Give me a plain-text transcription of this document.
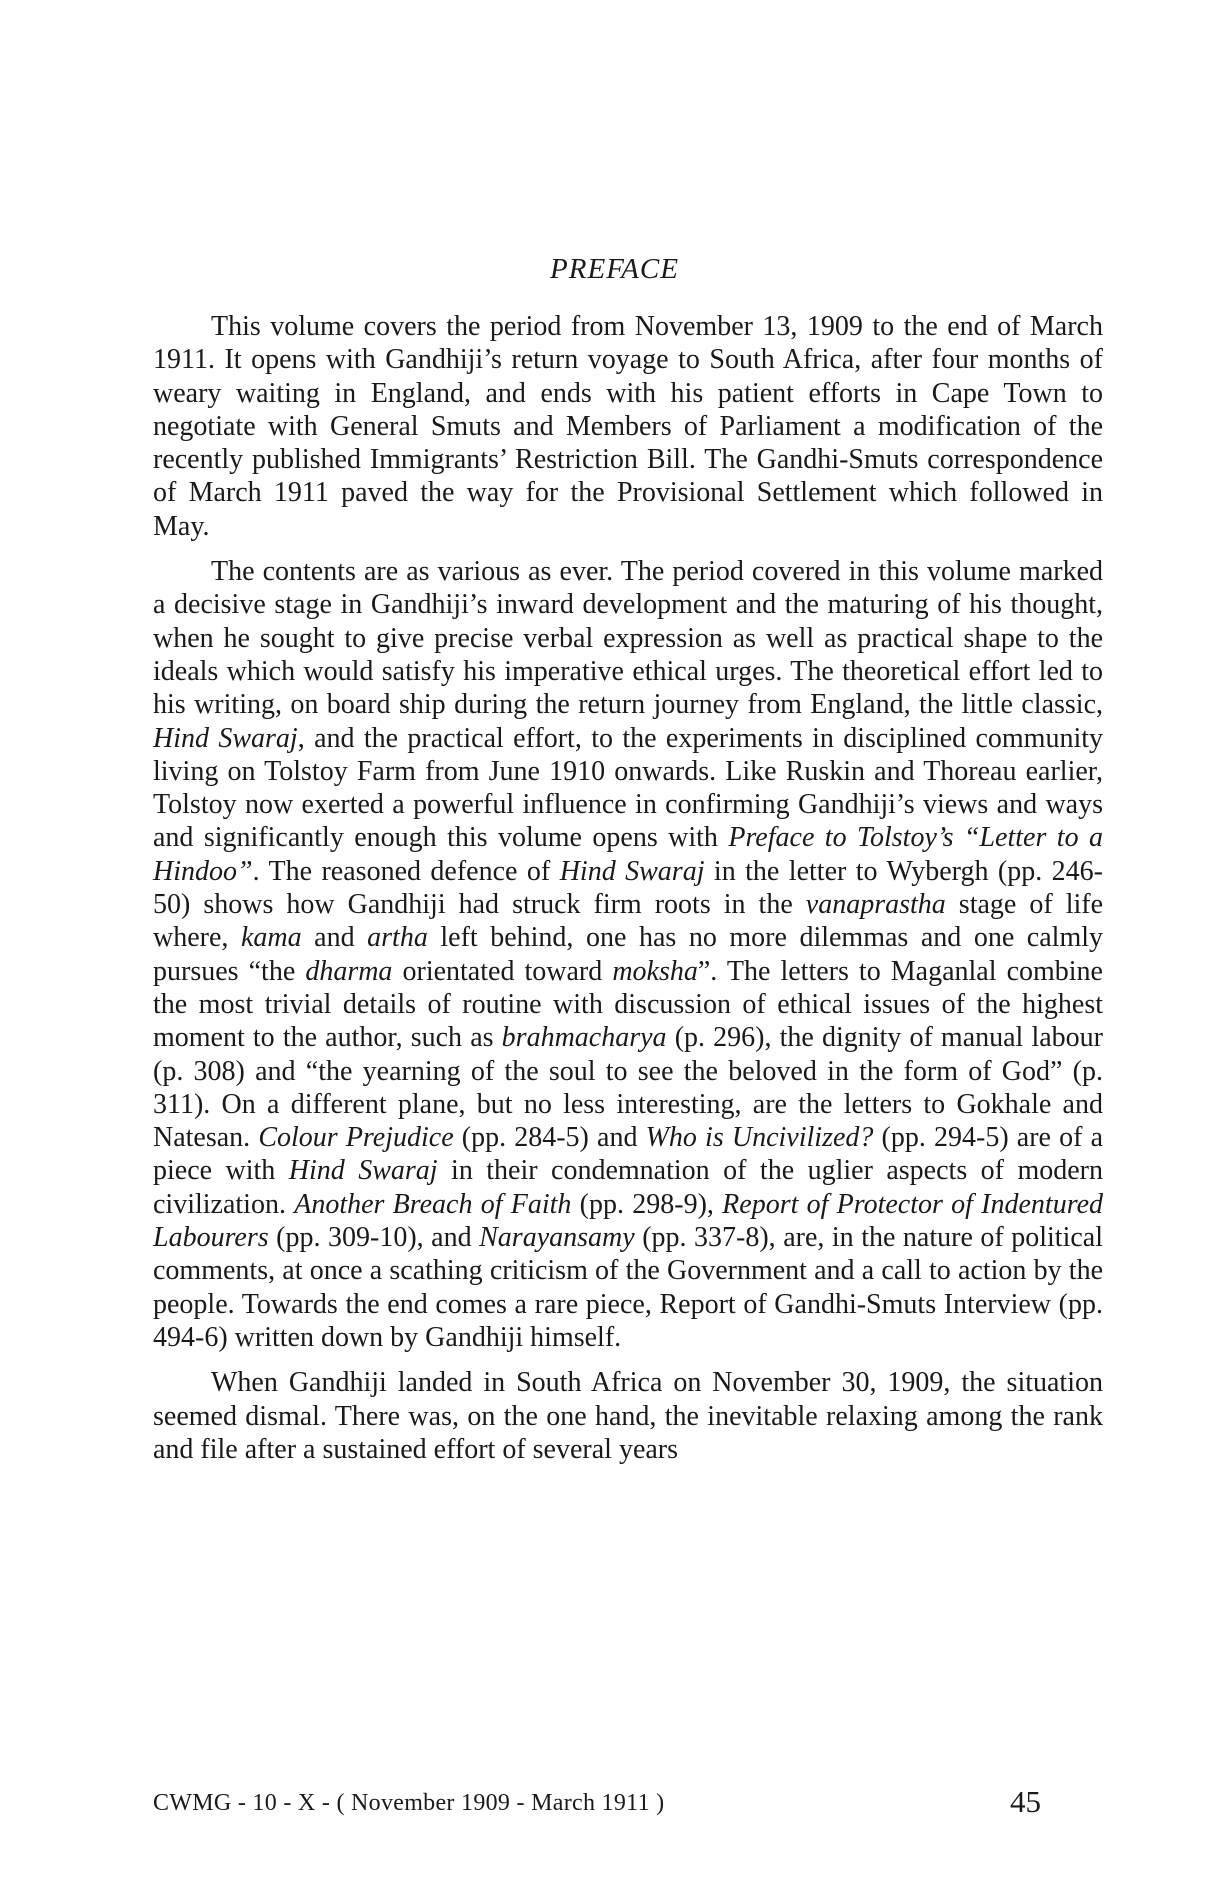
PREFACE

This volume covers the period from November 13, 1909 to the end of March 1911. It opens with Gandhiji’s return voyage to South Africa, after four months of weary waiting in England, and ends with his patient efforts in Cape Town to negotiate with General Smuts and Members of Parliament a modification of the recently published Immigrants’ Restriction Bill. The Gandhi-Smuts correspondence of March 1911 paved the way for the Provisional Settlement which followed in May.

The contents are as various as ever. The period covered in this volume marked a decisive stage in Gandhiji’s inward development and the maturing of his thought, when he sought to give precise verbal expression as well as practical shape to the ideals which would satisfy his imperative ethical urges. The theoretical effort led to his writing, on board ship during the return journey from England, the little classic, Hind Swaraj, and the practical effort, to the experiments in disciplined community living on Tolstoy Farm from June 1910 onwards. Like Ruskin and Thoreau earlier, Tolstoy now exerted a powerful influence in confirming Gandhiji’s views and ways and significantly enough this volume opens with Preface to Tolstoy’s “Letter to a Hindoo”. The reasoned defence of Hind Swaraj in the letter to Wybergh (pp. 246-50) shows how Gandhiji had struck firm roots in the vanaprastha stage of life where, kama and artha left behind, one has no more dilemmas and one calmly pursues “the dharma orientated toward moksha”. The letters to Maganlal combine the most trivial details of routine with discussion of ethical issues of the highest moment to the author, such as brahmacharya (p. 296), the dignity of manual labour (p. 308) and “the yearning of the soul to see the beloved in the form of God” (p. 311). On a different plane, but no less interesting, are the letters to Gokhale and Natesan. Colour Prejudice (pp. 284-5) and Who is Uncivilized? (pp. 294-5) are of a piece with Hind Swaraj in their condemnation of the uglier aspects of modern civilization. Another Breach of Faith (pp. 298-9), Report of Protector of Indentured Labourers (pp. 309-10), and Narayansamy (pp. 337-8), are, in the nature of political comments, at once a scathing criticism of the Government and a call to action by the people. Towards the end comes a rare piece, Report of Gandhi-Smuts Interview (pp. 494-6) written down by Gandhiji himself.

When Gandhiji landed in South Africa on November 30, 1909, the situation seemed dismal. There was, on the one hand, the inevitable relaxing among the rank and file after a sustained effort of several years

CWMG - 10 - X - ( November 1909 - March 1911 )	45
